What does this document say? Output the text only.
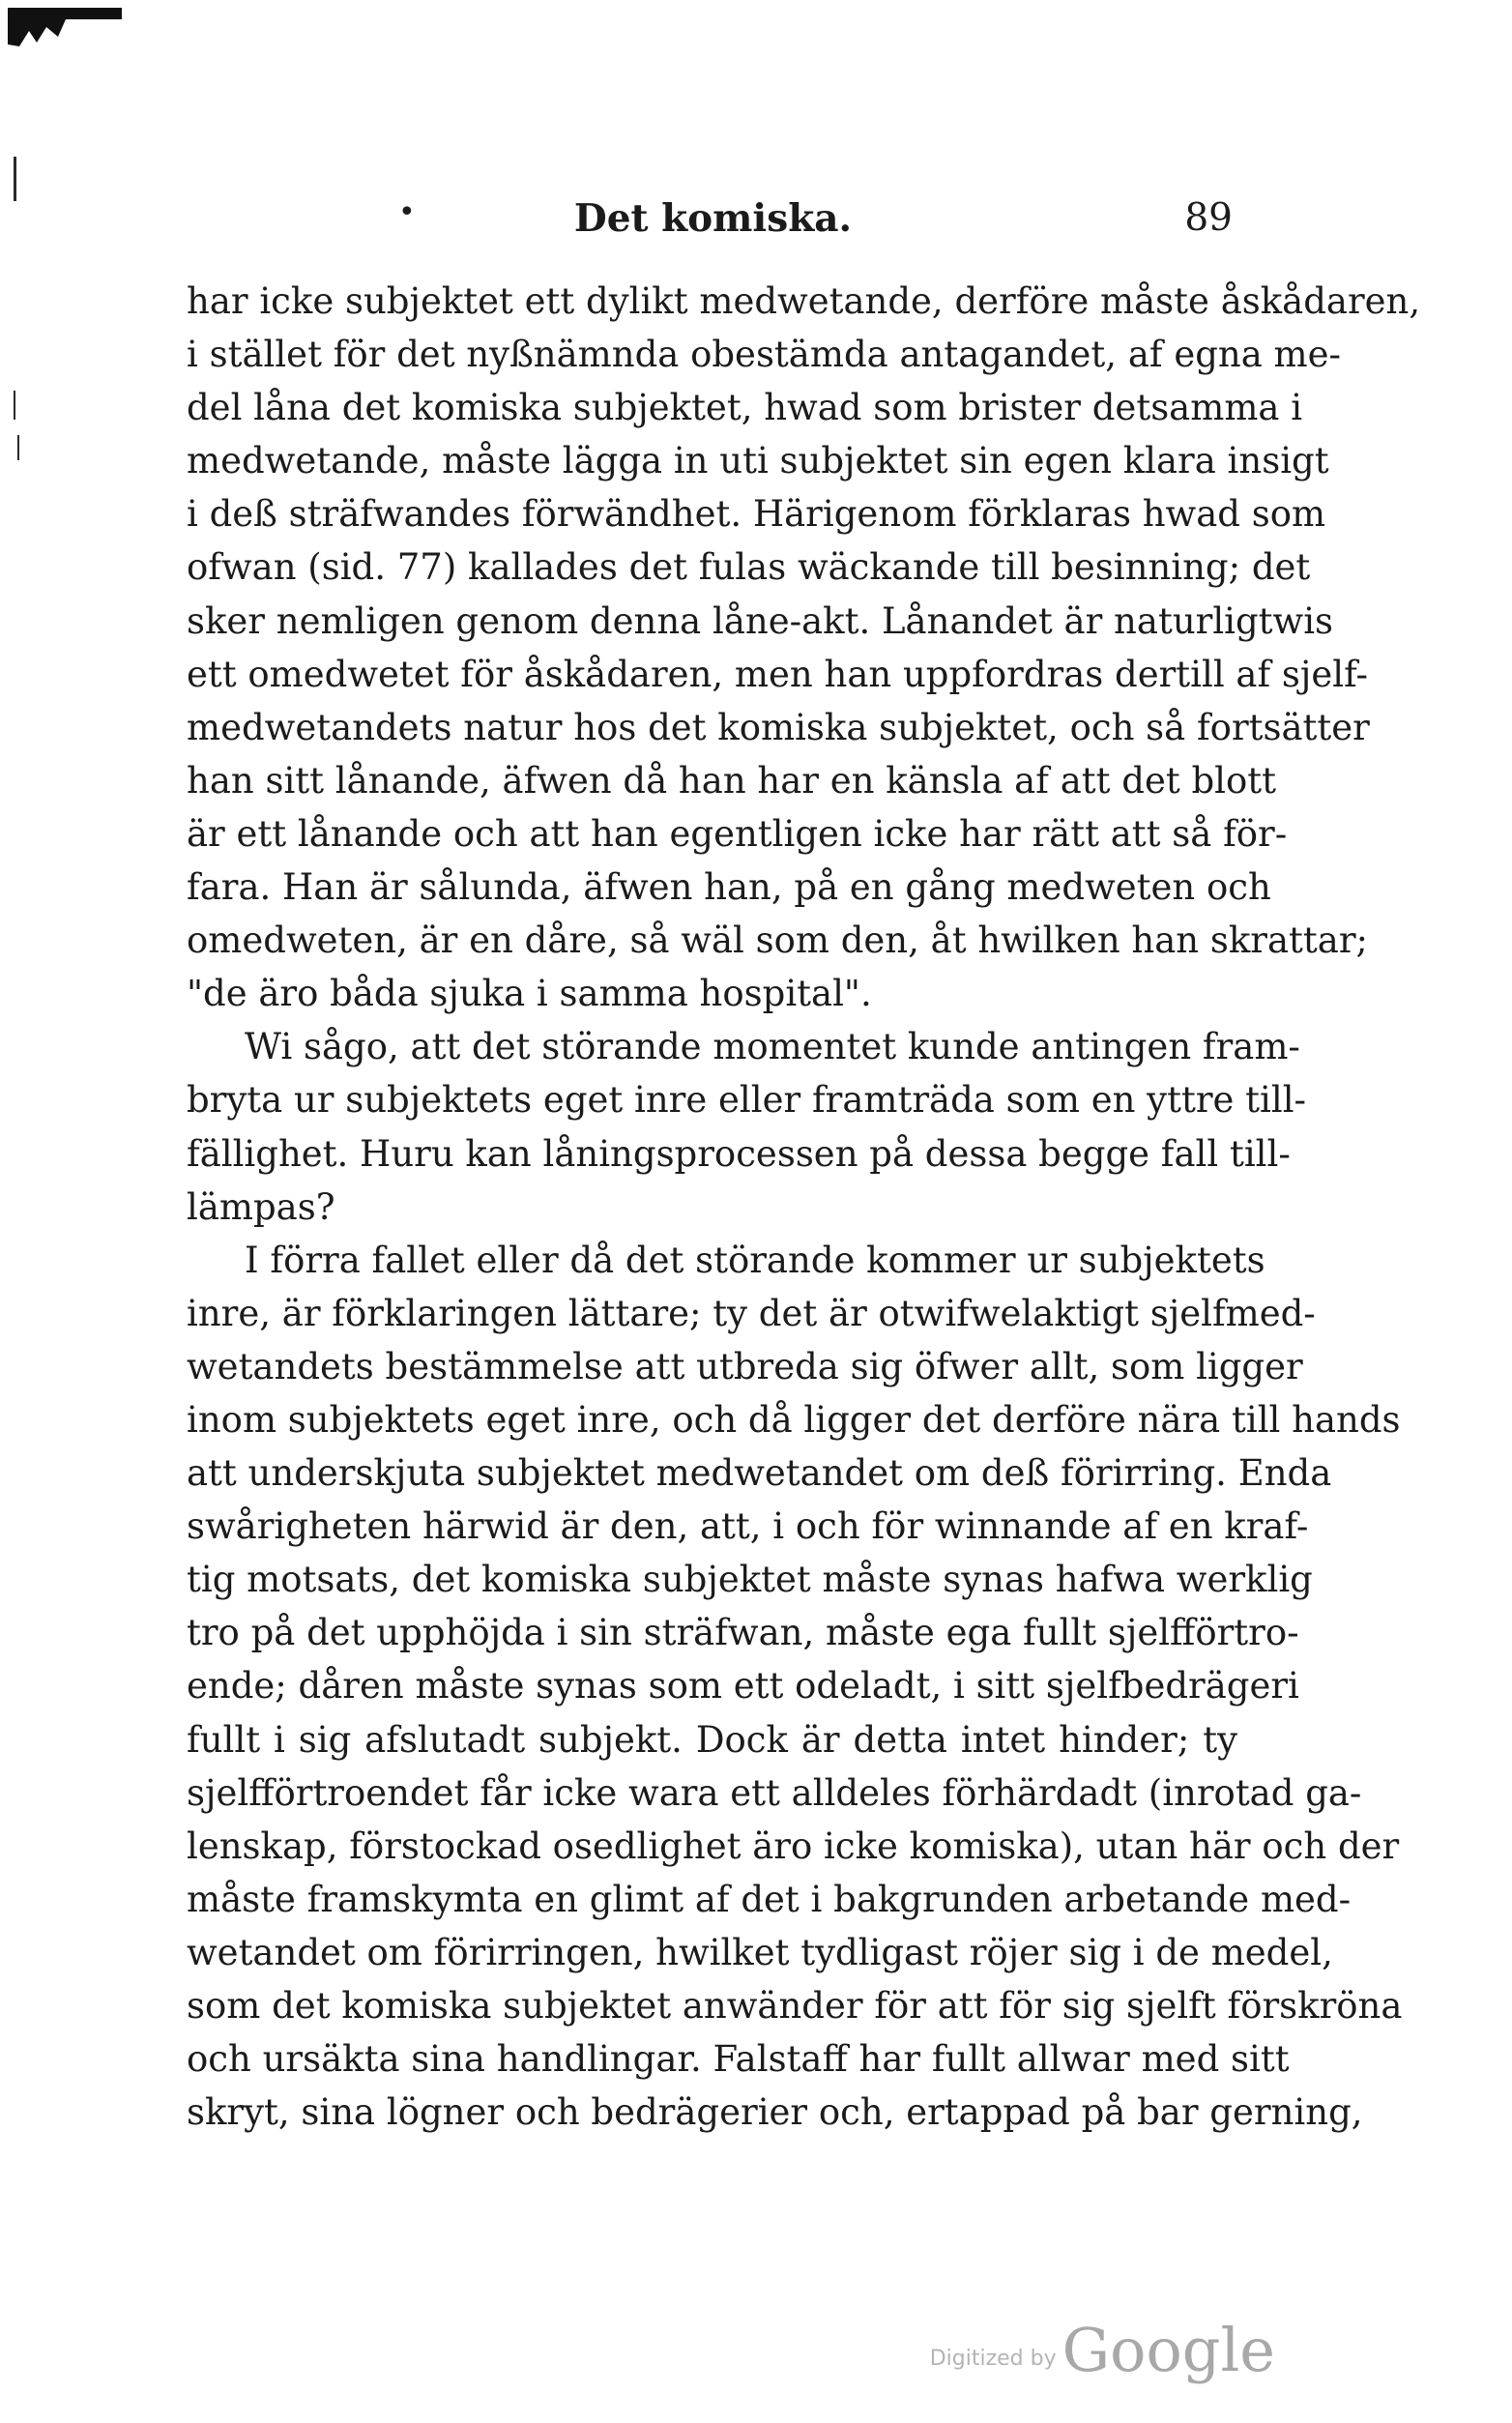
•	Det komiska.	89
har icke subjektet ett dylikt medwetande, derföre måste åskådaren,
i stället för det nyßnämnda obestämda antagandet, af egna me-
del låna det komiska subjektet, hwad som brister detsamma i
medwetande, måste lägga in uti subjektet sin egen klara insigt
i deß sträfwandes förwändhet. Härigenom förklaras hwad som
ofwan (sid. 77) kallades det fulas wäckande till besinning; det
sker nemligen genom denna låne-akt. Lånandet är naturligtwis
ett omedwetet för åskådaren, men han uppfordras dertill af sjelf-
medwetandets natur hos det komiska subjektet, och så fortsätter
han sitt lånande, äfwen då han har en känsla af att det blott
är ett lånande och att han egentligen icke har rätt att så för-
fara. Han är sålunda, äfwen han, på en gång medweten och
omedweten, är en dåre, så wäl som den, åt hwilken han skrattar;
"de äro båda sjuka i samma hospital".
Wi sågo, att det störande momentet kunde antingen fram-
bryta ur subjektets eget inre eller framträda som en yttre till-
fällighet. Huru kan låningsprocessen på dessa begge fall till-
lämpas?
I förra fallet eller då det störande kommer ur subjektets
inre, är förklaringen lättare; ty det är otwifwelaktigt sjelfmed-
wetandets bestämmelse att utbreda sig öfwer allt, som ligger
inom subjektets eget inre, och då ligger det derföre nära till hands
att underskjuta subjektet medwetandet om deß förirring. Enda
swårigheten härwid är den, att, i och för winnande af en kraf-
tig motsats, det komiska subjektet måste synas hafwa werklig
tro på det upphöjda i sin sträfwan, måste ega fullt sjelfförtro-
ende; dåren måste synas som ett odeladt, i sitt sjelfbedrägeri
fullt i sig afslutadt subjekt. Dock är detta intet hinder; ty
sjelfförtroendet får icke wara ett alldeles förhärdadt (inrotad ga-
lenskap, förstockad osedlighet äro icke komiska), utan här och der
måste framskymta en glimt af det i bakgrunden arbetande med-
wetandet om förirringen, hwilket tydligast röjer sig i de medel,
som det komiska subjektet anwänder för att för sig sjelft förskröna
och ursäkta sina handlingar. Falstaff har fullt allwar med sitt
skryt, sina lögner och bedrägerier och, ertappad på bar gerning,
Digitized by Google
